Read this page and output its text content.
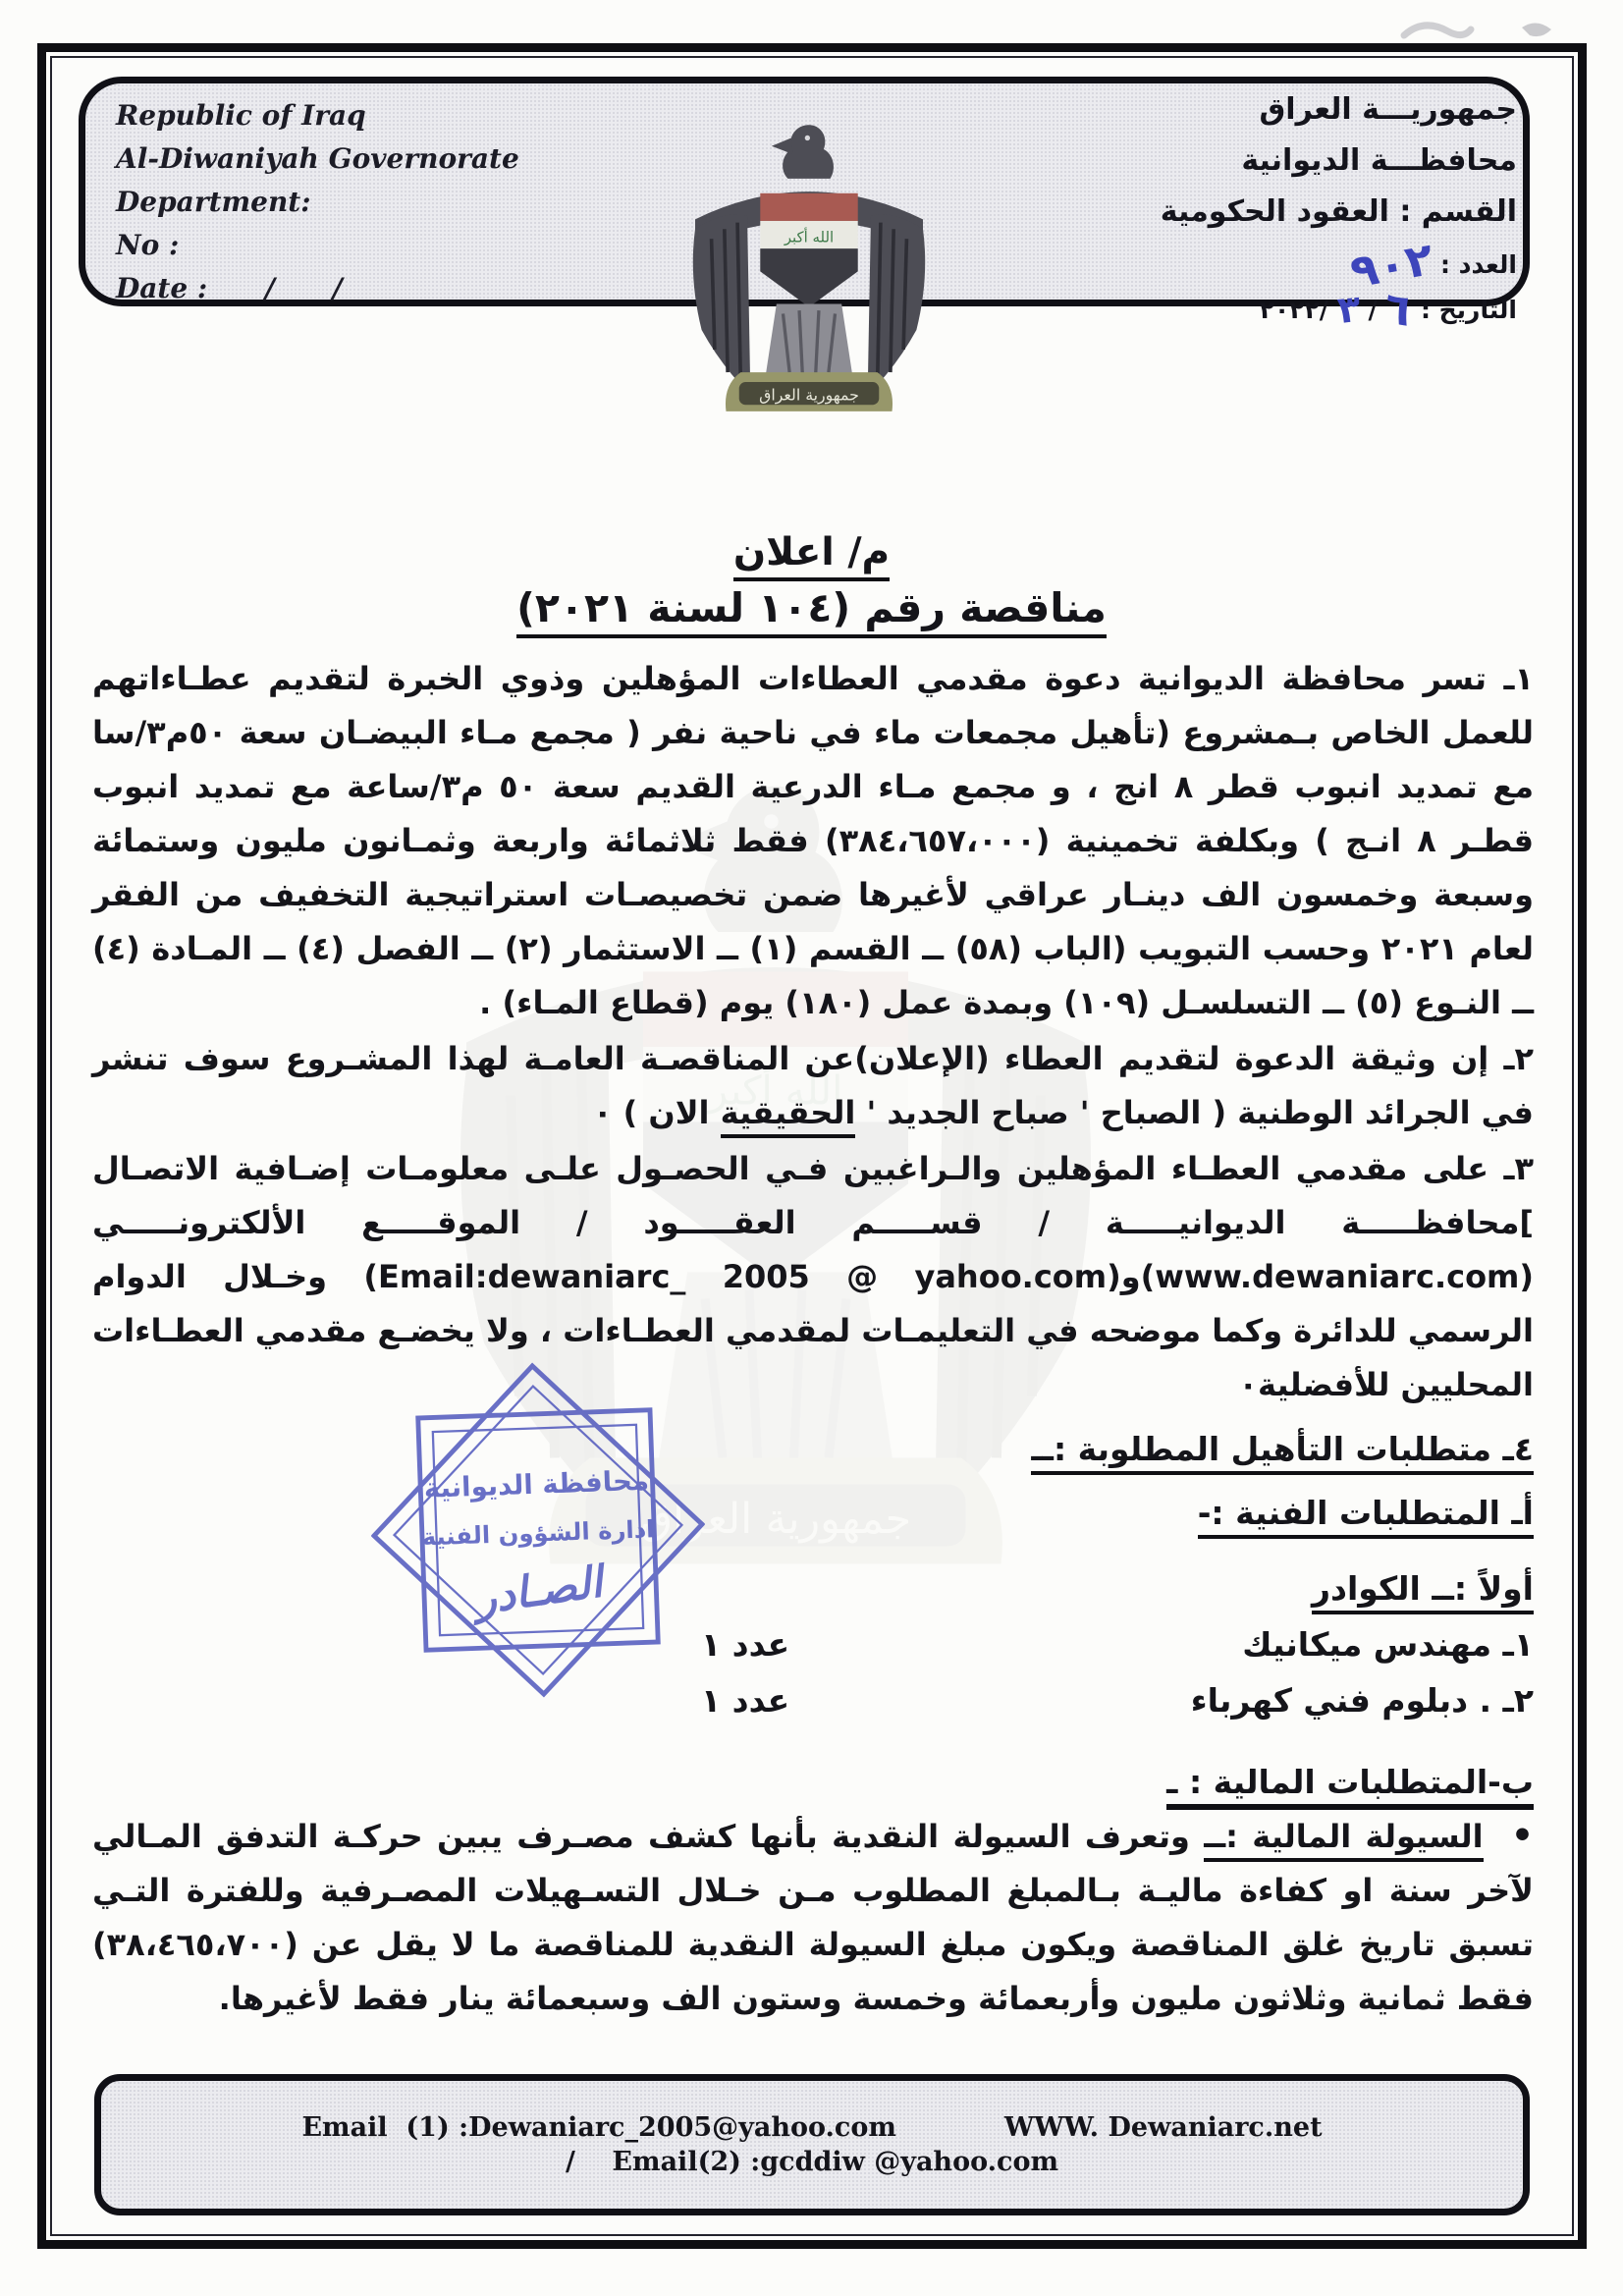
Republic of Iraq
Al-Diwaniyah Governorate
Department:
No :
Date :      /      /
جمهوريـــة العراق
محافظـــة الديوانية
القسم : العقود الحكومية
العدد : ٩٠٢
التاريخ : ٦ / ٣ /٢٠٢٢
م/ اعلان
مناقصة رقم (١٠٤ لسنة ٢٠٢١)

١ـ تسر محافظة الديوانية دعوة مقدمي العطاءات المؤهلين وذوي الخبرة لتقديم عطـاءاتهم للعمل الخاص بـمشروع (تأهيل مجمعات ماء في ناحية نفر ( مجمع مـاء البيضـان سعة ٥٠م٣/سا مع تمديد انبوب قطر ٨ انج ، و مجمع مـاء الدرعية القديم سعة ٥٠ م٣/ساعة مع تمديد انبوب قطـر ٨ انـج ) وبكلفة تخمينية (٣٨٤،٦٥٧،٠٠٠) فقط ثلاثمائة واربعة وثمـانون مليون وستمائة وسبعة وخمسون الف دينـار عراقي لأغيرها ضمن تخصيصـات استراتيجية التخفيف من الفقر لعام ٢٠٢١ وحسب التبويب (الباب (٥٨) ــ القسم (١) ــ الاستثمار (٢) ــ الفصل (٤) ــ المـادة (٤) ــ النـوع (٥) ــ التسلسـل (١٠٩) وبمدة عمل (١٨٠) يوم (قطاع المـاء) .

٢ـ إن وثيقة الدعوة لتقديم العطاء (الإعلان)عن المناقصـة العامـة لهذا المشـروع سوف تنشر في الجرائد الوطنية ( الصباح ' صباح الجديد ' الحقيقية الان ) ٠

٣ـ على مقدمي العطـاء المؤهلين والـراغبين فـي الحصـول علـى معلومـات إضـافية الاتصـال ]محافظـــــة الديوانيـــــة / قســـــم العقـــــود / الموقـــــع الألكترونـــــي (www.dewaniarc.com)و(Email:dewaniarc_ 2005 @ yahoo.com) وخـلال الدوام الرسمي للدائرة وكما موضحه في التعليمـات لمقدمي العطـاءات ، ولا يخضـع مقدمي العطـاءات المحليين للأفضلية٠

٤ـ متطلبات التأهيل المطلوبة :ــ
أـ المتطلبات الفنية :-
أولاً :ــ الكوادر
١ـ مهندس ميكانيك
عدد ١
٢ـ . دبلوم فني كهرباء
عدد ١
ب-المتطلبات المالية : ـ

• السيولة المالية :ــ وتعرف السيولة النقدية بأنها كشف مصـرف يبين حركـة التدفق المـالي لآخر سنة او كفاءة ماليـة بـالمبلغ المطلوب مـن خـلال التسـهيلات المصـرفية وللفترة التـي تسبق تاريخ غلق المناقصة ويكون مبلغ السيولة النقدية للمناقصة ما لا يقل عن (٣٨،٤٦٥،٧٠٠) فقط ثمانية وثلاثون مليون وأربعمائة وخمسة وستون الف وسبعمائة ينار فقط لأغيرها.

محافظة الديوانية
ادارة الشؤون الفنية
الصـادر
Email  (1) :Dewaniarc_2005@yahoo.com	WWW. Dewaniarc.net
/    Email(2) :gcddiw @yahoo.com
